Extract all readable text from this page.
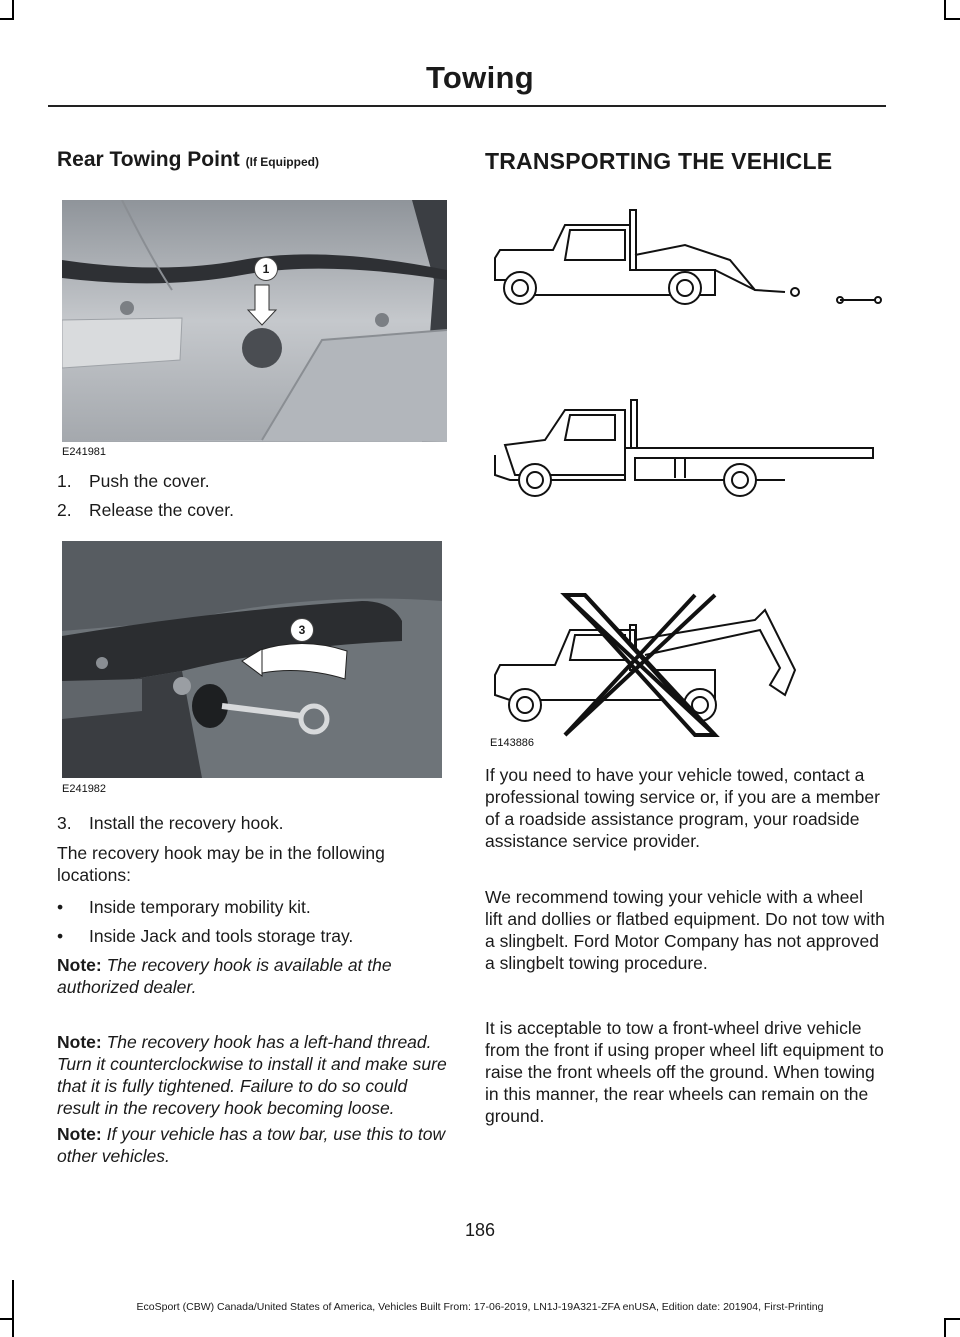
Towing
Rear Towing Point (If Equipped)
1
E241981
1. Push the cover.
2. Release the cover.
3
E241982
3. Install the recovery hook.

The recovery hook may be in the following locations:

• Inside temporary mobility kit.
• Inside Jack and tools storage tray.

Note: The recovery hook is available at the authorized dealer.

Note: The recovery hook has a left-hand thread. Turn it counterclockwise to install it and make sure that it is fully tightened. Failure to do so could result in the recovery hook becoming loose.

Note: If your vehicle has a tow bar, use this to tow other vehicles.

TRANSPORTING THE VEHICLE
E143886

If you need to have your vehicle towed, contact a professional towing service or, if you are a member of a roadside assistance program, your roadside assistance service provider.

We recommend towing your vehicle with a wheel lift and dollies or flatbed equipment. Do not tow with a slingbelt. Ford Motor Company has not approved a slingbelt towing procedure.

It is acceptable to tow a front-wheel drive vehicle from the front if using proper wheel lift equipment to raise the front wheels off the ground. When towing in this manner, the rear wheels can remain on the ground.

186
EcoSport (CBW) Canada/United States of America, Vehicles Built From: 17-06-2019, LN1J-19A321-ZFA enUSA, Edition date: 201904, First-Printing
